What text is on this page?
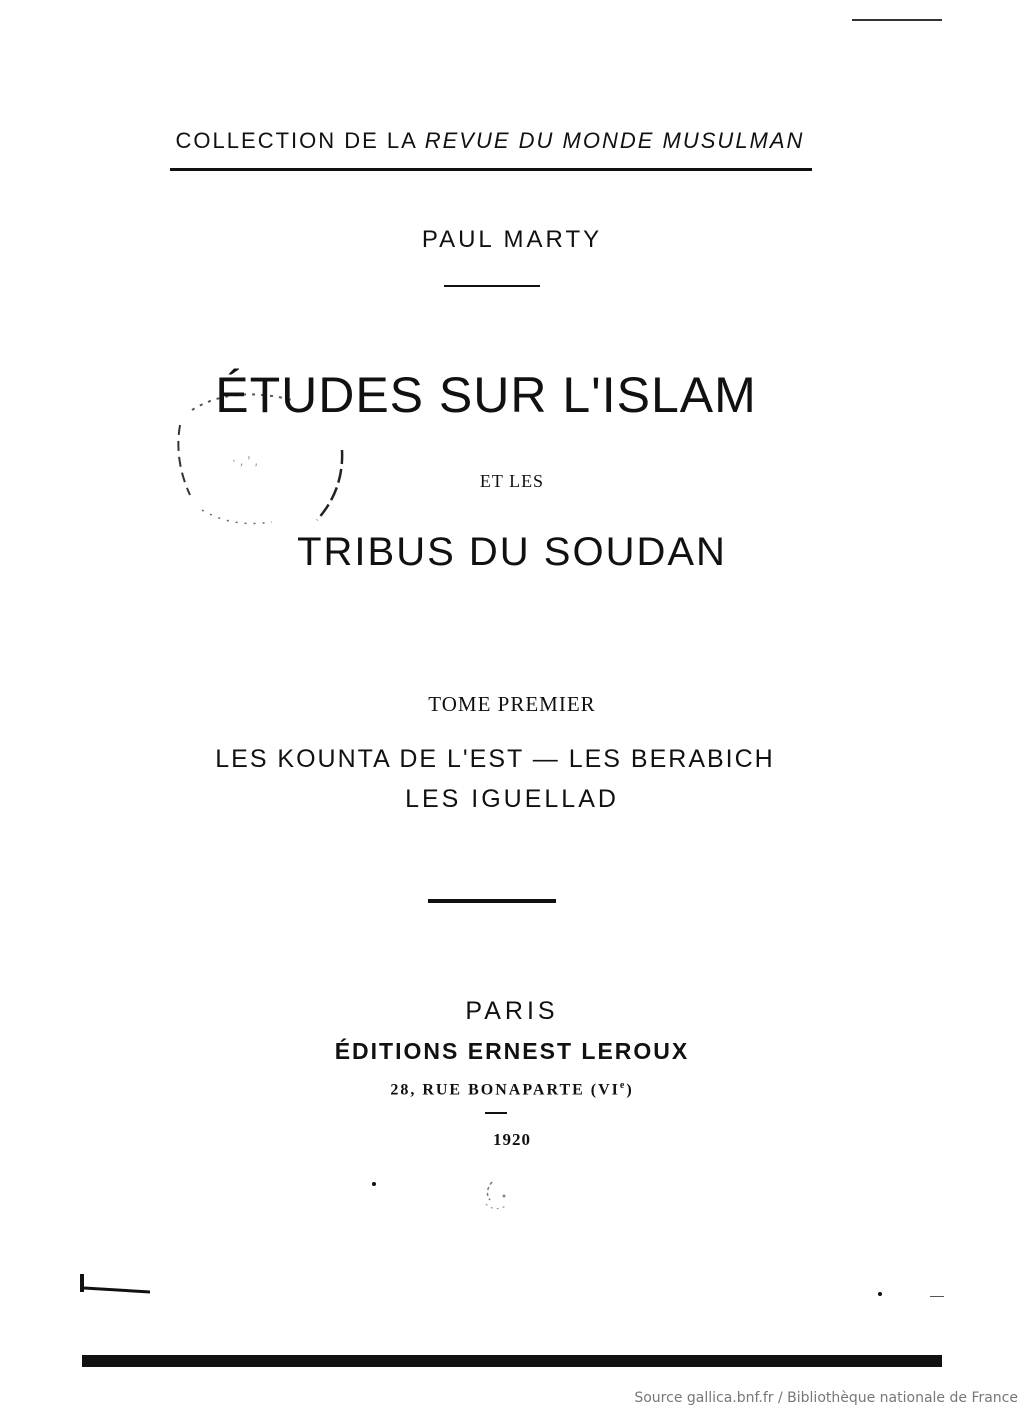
COLLECTION DE LA REVUE DU MONDE MUSULMAN
PAUL MARTY
· , ' ,
ÉTUDES SUR L'ISLAM
ET LES
TRIBUS DU SOUDAN
TOME PREMIER
LES KOUNTA DE L'EST — LES BERABICH
LES IGUELLAD
PARIS
ÉDITIONS ERNEST LEROUX
28, RUE BONAPARTE (VIe)
1920
Source gallica.bnf.fr / Bibliothèque nationale de France
